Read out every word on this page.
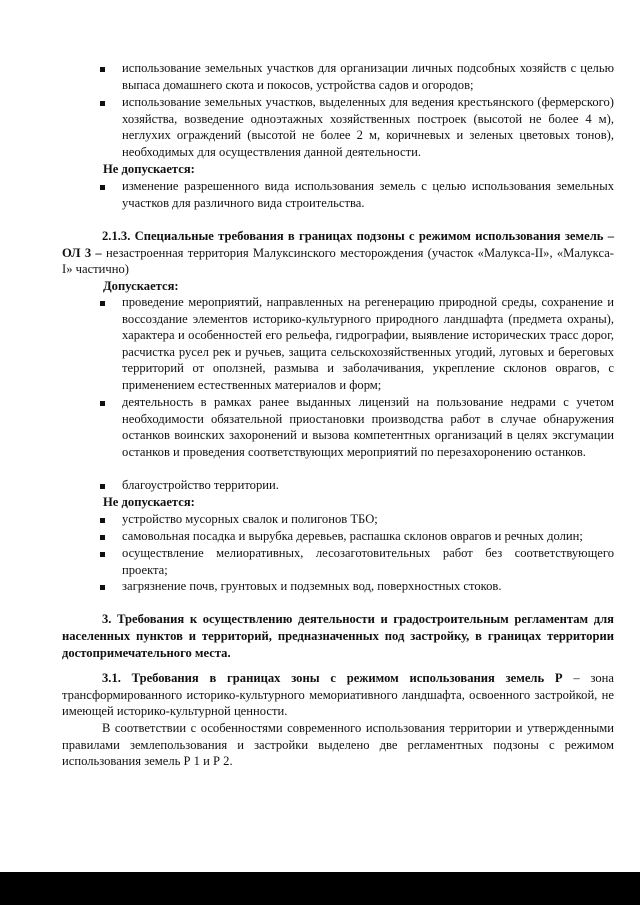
использование земельных участков для организации личных подсобных хозяйств с целью выпаса домашнего скота и покосов, устройства садов и огородов;

использование земельных участков, выделенных для ведения крестьянского (фермерского) хозяйства, возведение одноэтажных хозяйственных построек (высотой не более 4 м), неглухих ограждений (высотой не более 2 м, коричневых и зеленых цветовых тонов), необходимых для осуществления данной деятельности.

Не допускается:

изменение разрешенного вида использования земель с целью использования земельных участков для различного вида строительства.

2.1.3. Специальные требования в границах подзоны с режимом использования земель – ОЛ 3 – незастроенная территория Малуксинского месторождения (участок «Малукса-II», «Малукса-I» частично)

Допускается:

проведение мероприятий, направленных на регенерацию природной среды, сохранение и воссоздание элементов историко-культурного природного ландшафта (предмета охраны), характера и особенностей его рельефа, гидрографии, выявление исторических трасс дорог, расчистка русел рек и ручьев, защита сельскохозяйственных угодий, луговых и береговых территорий от оползней, размыва и заболачивания, укрепление склонов оврагов, с применением естественных материалов и форм;

деятельность в рамках ранее выданных лицензий на пользование недрами с учетом необходимости обязательной приостановки производства работ в случае обнаружения останков воинских захоронений и вызова компетентных организаций в целях эксгумации останков и проведения соответствующих мероприятий по перезахоронению останков.

благоустройство территории.

Не допускается:

устройство мусорных свалок и полигонов ТБО;

самовольная посадка и вырубка деревьев, распашка склонов оврагов и речных долин;

осуществление мелиоративных, лесозаготовительных работ без соответствующего проекта;

загрязнение почв, грунтовых и подземных вод, поверхностных стоков.

3. Требования к осуществлению деятельности и градостроительным регламентам для населенных пунктов и территорий, предназначенных под застройку, в границах территории достопримечательного места.

3.1. Требования в границах зоны с режимом использования земель Р – зона трансформированного историко-культурного мемориативного ландшафта, освоенного застройкой, не имеющей историко-культурной ценности.

В соответствии с особенностями современного использования территории и утвержденными правилами землепользования и застройки выделено две регламентных подзоны с режимом использования земель Р 1 и Р 2.
